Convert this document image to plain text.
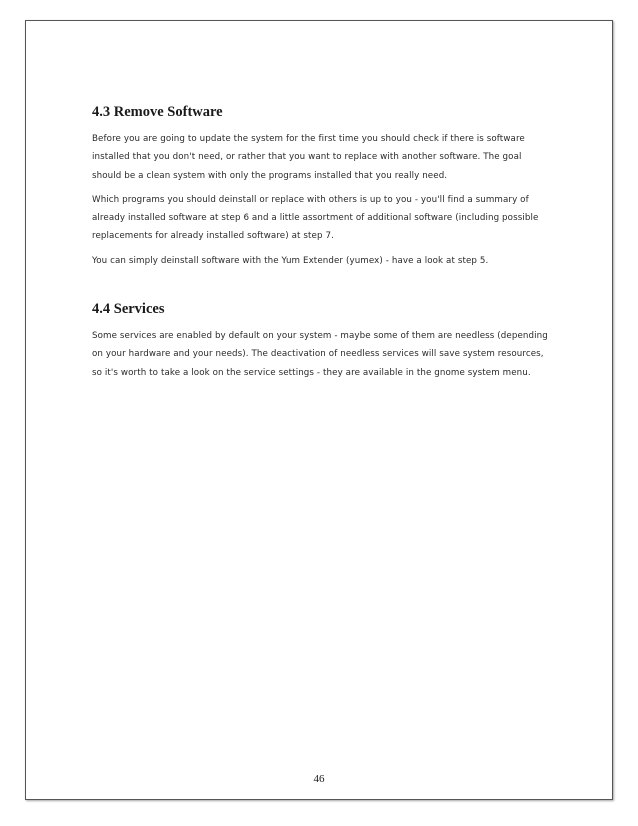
4.3 Remove Software

Before you are going to update the system for the first time you should check if there is software installed that you don't need, or rather that you want to replace with another software. The goal should be a clean system with only the programs installed that you really need.

Which programs you should deinstall or replace with others is up to you - you'll find a summary of already installed software at step 6 and a little assortment of additional software (including possible replacements for already installed software) at step 7.

You can simply deinstall software with the Yum Extender (yumex) - have a look at step 5.

4.4 Services

Some services are enabled by default on your system - maybe some of them are needless (depending on your hardware and your needs). The deactivation of needless services will save system resources, so it's worth to take a look on the service settings - they are available in the gnome system menu.

46
